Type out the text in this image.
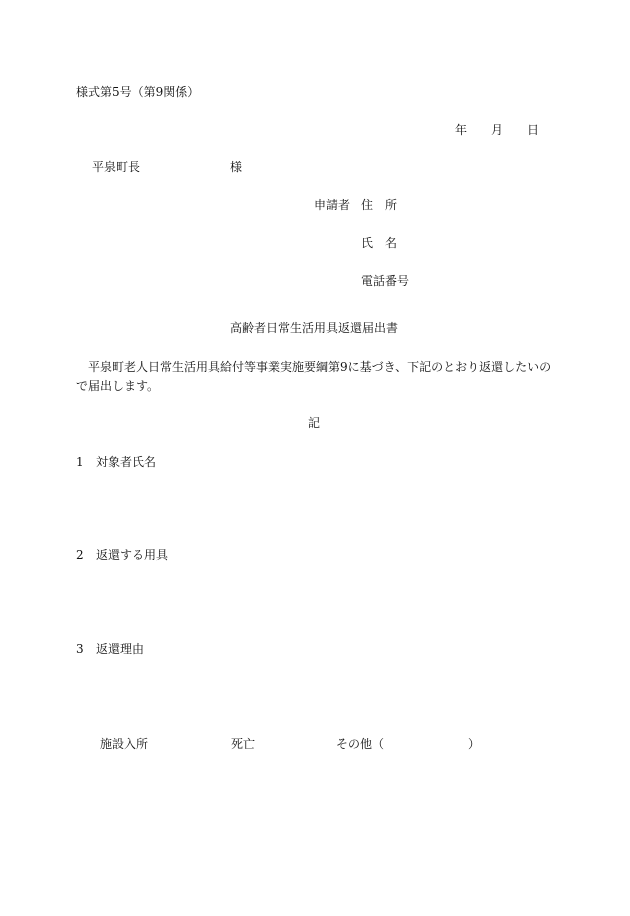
様式第5号（第9関係）
年 月 日
平泉町長	様
申請者 住所
氏名
電話番号
高齢者日常生活用具返還届出書
平泉町老人日常生活用具給付等事業実施要綱第9に基づき、下記のとおり返還したいので届出します。
記
1 対象者氏名
2 返還する用具
3 返還理由
施設入所	死亡	その他（	）
